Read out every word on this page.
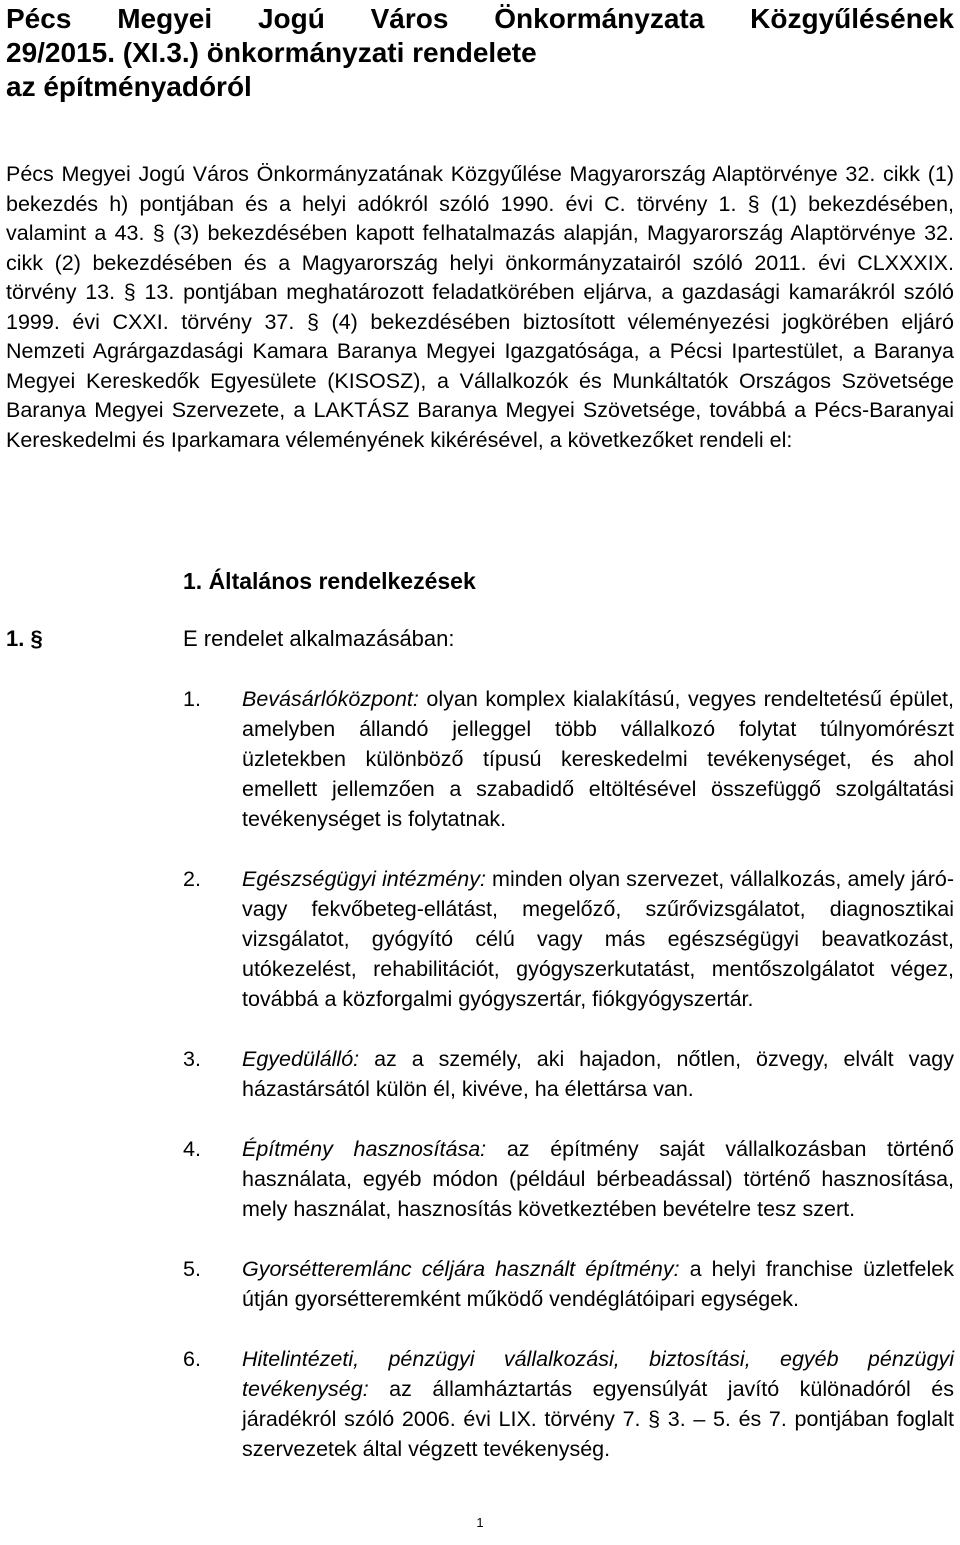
Pécs Megyei Jogú Város Önkormányzata Közgyűlésének
29/2015. (XI.3.) önkormányzati rendelete
az építményadóról
Pécs Megyei Jogú Város Önkormányzatának Közgyűlése Magyarország Alaptörvénye 32. cikk (1) bekezdés h) pontjában és a helyi adókról szóló 1990. évi C. törvény 1. § (1) bekezdésében, valamint a 43. § (3) bekezdésében kapott felhatalmazás alapján, Magyarország Alaptörvénye 32. cikk (2) bekezdésében és a Magyarország helyi önkormányzatairól szóló 2011. évi CLXXXIX. törvény 13. § 13. pontjában meghatározott feladatkörében eljárva, a gazdasági kamarákról szóló 1999. évi CXXI. törvény 37. § (4) bekezdésében biztosított véleményezési jogkörében eljáró Nemzeti Agrárgazdasági Kamara Baranya Megyei Igazgatósága, a Pécsi Ipartestület, a Baranya Megyei Kereskedők Egyesülete (KISOSZ), a Vállalkozók és Munkáltatók Országos Szövetsége Baranya Megyei Szervezete, a LAKTÁSZ Baranya Megyei Szövetsége, továbbá a Pécs-Baranyai Kereskedelmi és Iparkamara véleményének kikérésével, a következőket rendeli el:
1. Általános rendelkezések
1. §	E rendelet alkalmazásában:
1. Bevásárlóközpont: olyan komplex kialakítású, vegyes rendeltetésű épület, amelyben állandó jelleggel több vállalkozó folytat túlnyomórészt üzletekben különböző típusú kereskedelmi tevékenységet, és ahol emellett jellemzően a szabadidő eltöltésével összefüggő szolgáltatási tevékenységet is folytatnak.
2. Egészségügyi intézmény: minden olyan szervezet, vállalkozás, amely járó- vagy fekvőbeteg-ellátást, megelőző, szűrővizsgálatot, diagnosztikai vizsgálatot, gyógyító célú vagy más egészségügyi beavatkozást, utókezelést, rehabilitációt, gyógyszerkutatást, mentőszolgálatot végez, továbbá a közforgalmi gyógyszertár, fiókgyógyszertár.
3. Egyedülálló: az a személy, aki hajadon, nőtlen, özvegy, elvált vagy házastársától külön él, kivéve, ha élettársa van.
4. Építmény hasznosítása: az építmény saját vállalkozásban történő használata, egyéb módon (például bérbeadással) történő hasznosítása, mely használat, hasznosítás következtében bevételre tesz szert.
5. Gyorsétteremlánc céljára használt építmény: a helyi franchise üzletfelek útján gyorsétteremként működő vendéglátóipari egységek.
6. Hitelintézeti, pénzügyi vállalkozási, biztosítási, egyéb pénzügyi tevékenység: az államháztartás egyensúlyát javító különadóról és járadékról szóló 2006. évi LIX. törvény 7. § 3. – 5. és 7. pontjában foglalt szervezetek által végzett tevékenység.
1
